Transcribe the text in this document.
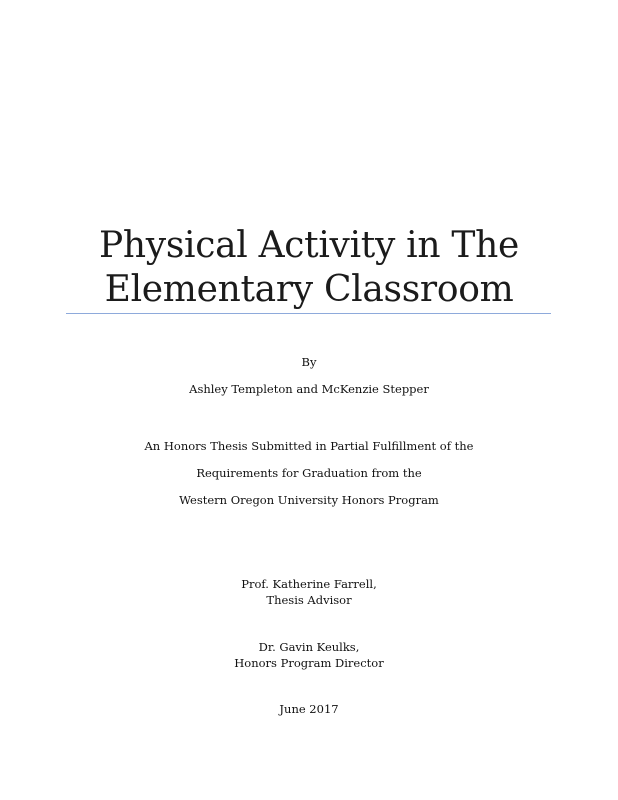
Physical Activity in The
Elementary Classroom
By
Ashley Templeton and McKenzie Stepper
An Honors Thesis Submitted in Partial Fulfillment of the
Requirements for Graduation from the
Western Oregon University Honors Program
Prof. Katherine Farrell,
Thesis Advisor
Dr. Gavin Keulks,
Honors Program Director
June 2017
